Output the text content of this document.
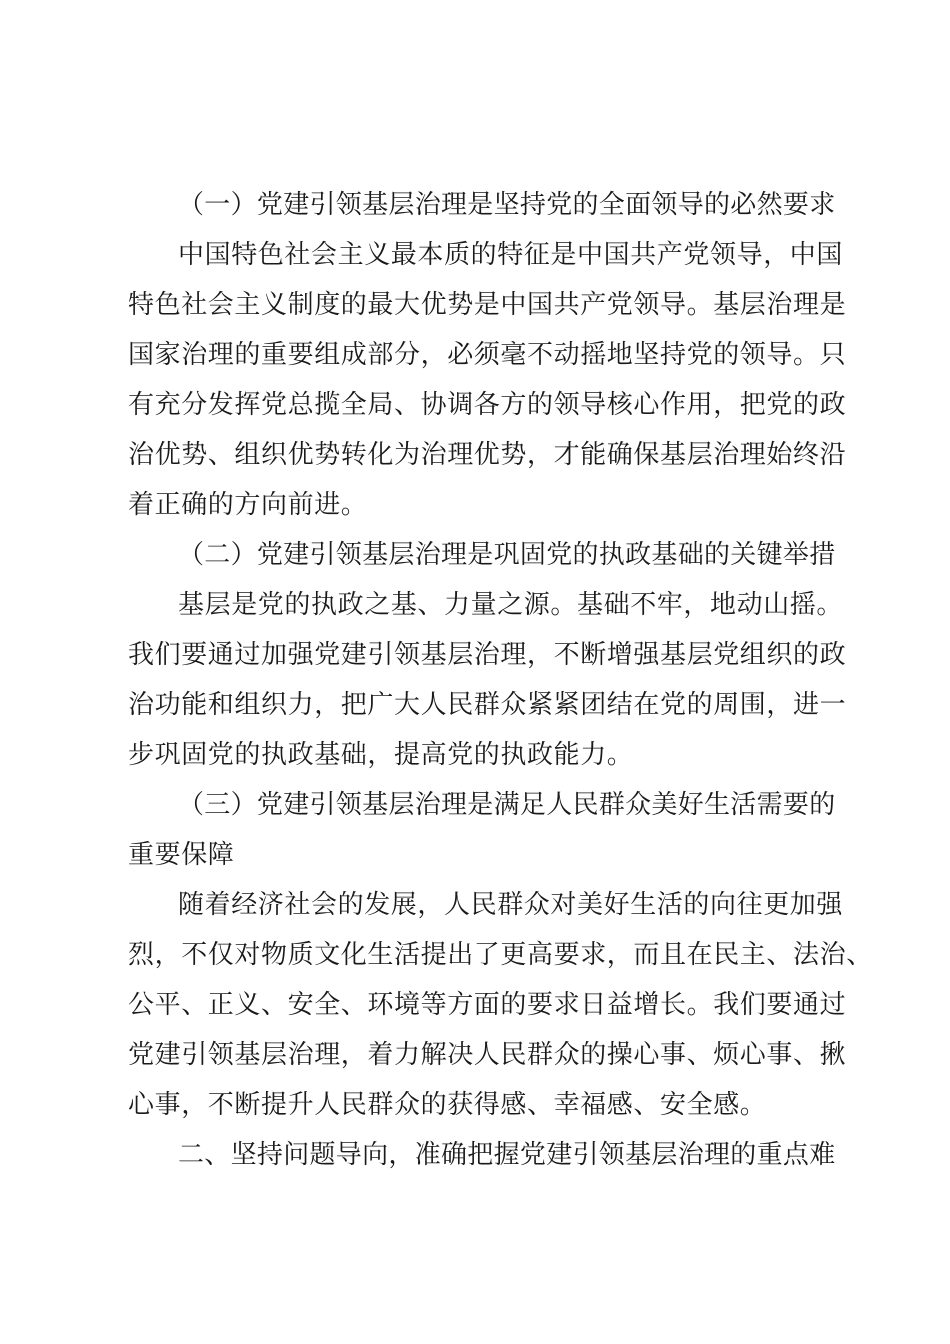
（一）党建引领基层治理是坚持党的全面领导的必然要求

中国特色社会主义最本质的特征是中国共产党领导，中国

特色社会主义制度的最大优势是中国共产党领导。基层治理是

国家治理的重要组成部分，必须毫不动摇地坚持党的领导。只

有充分发挥党总揽全局、协调各方的领导核心作用，把党的政

治优势、组织优势转化为治理优势，才能确保基层治理始终沿

着正确的方向前进。

（二）党建引领基层治理是巩固党的执政基础的关键举措

基层是党的执政之基、力量之源。基础不牢，地动山摇。

我们要通过加强党建引领基层治理，不断增强基层党组织的政

治功能和组织力，把广大人民群众紧紧团结在党的周围，进一

步巩固党的执政基础，提高党的执政能力。

（三）党建引领基层治理是满足人民群众美好生活需要的

重要保障

随着经济社会的发展，人民群众对美好生活的向往更加强

烈，不仅对物质文化生活提出了更高要求，而且在民主、法治、

公平、正义、安全、环境等方面的要求日益增长。我们要通过

党建引领基层治理，着力解决人民群众的操心事、烦心事、揪

心事，不断提升人民群众的获得感、幸福感、安全感。

二、坚持问题导向，准确把握党建引领基层治理的重点难
